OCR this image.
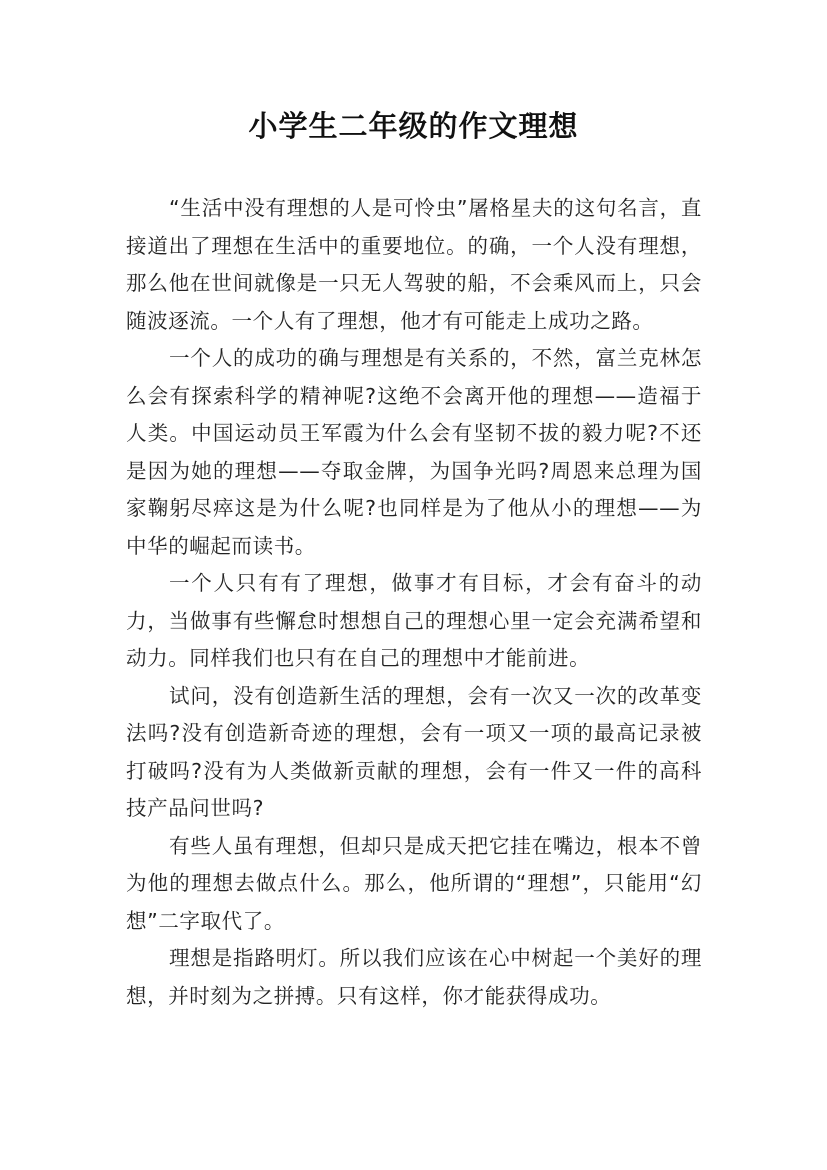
小学生二年级的作文理想

“生活中没有理想的人是可怜虫”屠格星夫的这句名言，直接道出了理想在生活中的重要地位。的确，一个人没有理想，那么他在世间就像是一只无人驾驶的船，不会乘风而上，只会随波逐流。一个人有了理想，他才有可能走上成功之路。

一个人的成功的确与理想是有关系的，不然，富兰克林怎么会有探索科学的精神呢?这绝不会离开他的理想——造福于人类。中国运动员王军霞为什么会有坚韧不拔的毅力呢?不还是因为她的理想——夺取金牌，为国争光吗?周恩来总理为国家鞠躬尽瘁这是为什么呢?也同样是为了他从小的理想——为中华的崛起而读书。

一个人只有有了理想，做事才有目标，才会有奋斗的动力，当做事有些懈怠时想想自己的理想心里一定会充满希望和动力。同样我们也只有在自己的理想中才能前进。

试问，没有创造新生活的理想，会有一次又一次的改革变法吗?没有创造新奇迹的理想，会有一项又一项的最高记录被打破吗?没有为人类做新贡献的理想，会有一件又一件的高科技产品问世吗?

有些人虽有理想，但却只是成天把它挂在嘴边，根本不曾为他的理想去做点什么。那么，他所谓的“理想”，只能用“幻想”二字取代了。

理想是指路明灯。所以我们应该在心中树起一个美好的理想，并时刻为之拼搏。只有这样，你才能获得成功。
